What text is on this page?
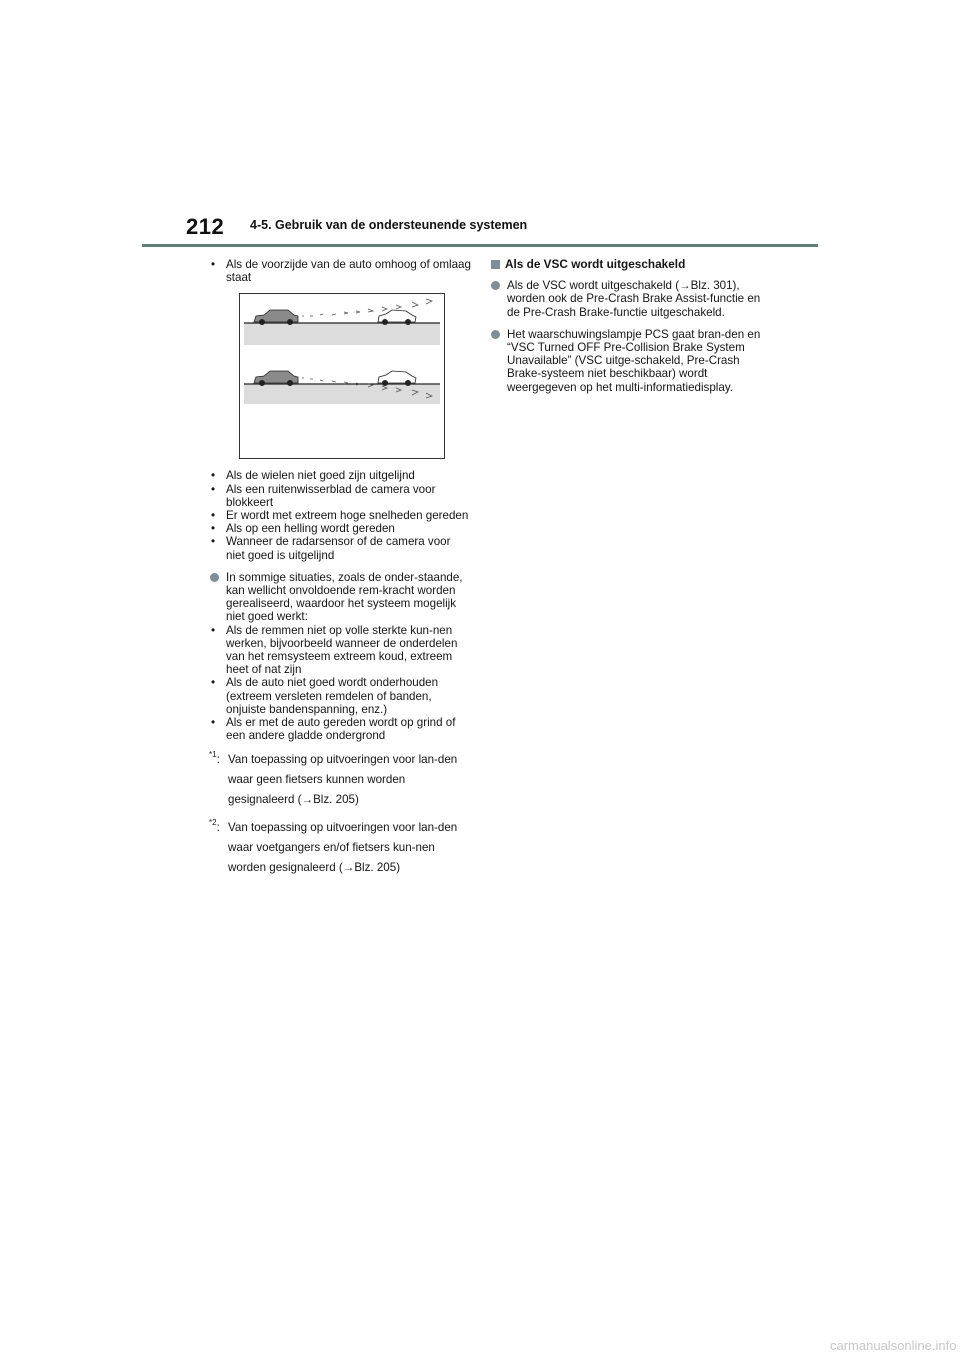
212 4-5. Gebruik van de ondersteunende systemen
• Als de voorzijde van de auto omhoog of omlaag staat
• Als de wielen niet goed zijn uitgelijnd
• Als een ruitenwisserblad de camera voor blokkeert
• Er wordt met extreem hoge snelheden gereden
• Als op een helling wordt gereden
• Wanneer de radarsensor of de camera voor niet goed is uitgelijnd
In sommige situaties, zoals de onder-staande, kan wellicht onvoldoende rem-kracht worden gerealiseerd, waardoor het systeem mogelijk niet goed werkt:
• Als de remmen niet op volle sterkte kun-nen werken, bijvoorbeeld wanneer de onderdelen van het remsysteem extreem koud, extreem heet of nat zijn
• Als de auto niet goed wordt onderhouden (extreem versleten remdelen of banden, onjuiste bandenspanning, enz.)
• Als er met de auto gereden wordt op grind of een andere gladde ondergrond
$^{*1}$: Van toepassing op uitvoeringen voor lan-den waar geen fietsers kunnen worden gesignaleerd (→Blz. 205)
$^{*2}$: Van toepassing op uitvoeringen voor lan-den waar voetgangers en/of fietsers kun-nen worden gesignaleerd (→Blz. 205)
Als de VSC wordt uitgeschakeld
Als de VSC wordt uitgeschakeld (→Blz. 301), worden ook de Pre-Crash Brake Assist-functie en de Pre-Crash Brake-functie uitgeschakeld.
Het waarschuwingslampje PCS gaat bran-den en “VSC Turned OFF Pre-Collision Brake System Unavailable” (VSC uitge-schakeld, Pre-Crash Brake-systeem niet beschikbaar) wordt weergegeven op het multi-informatiedisplay.
carmanualsonline.info
